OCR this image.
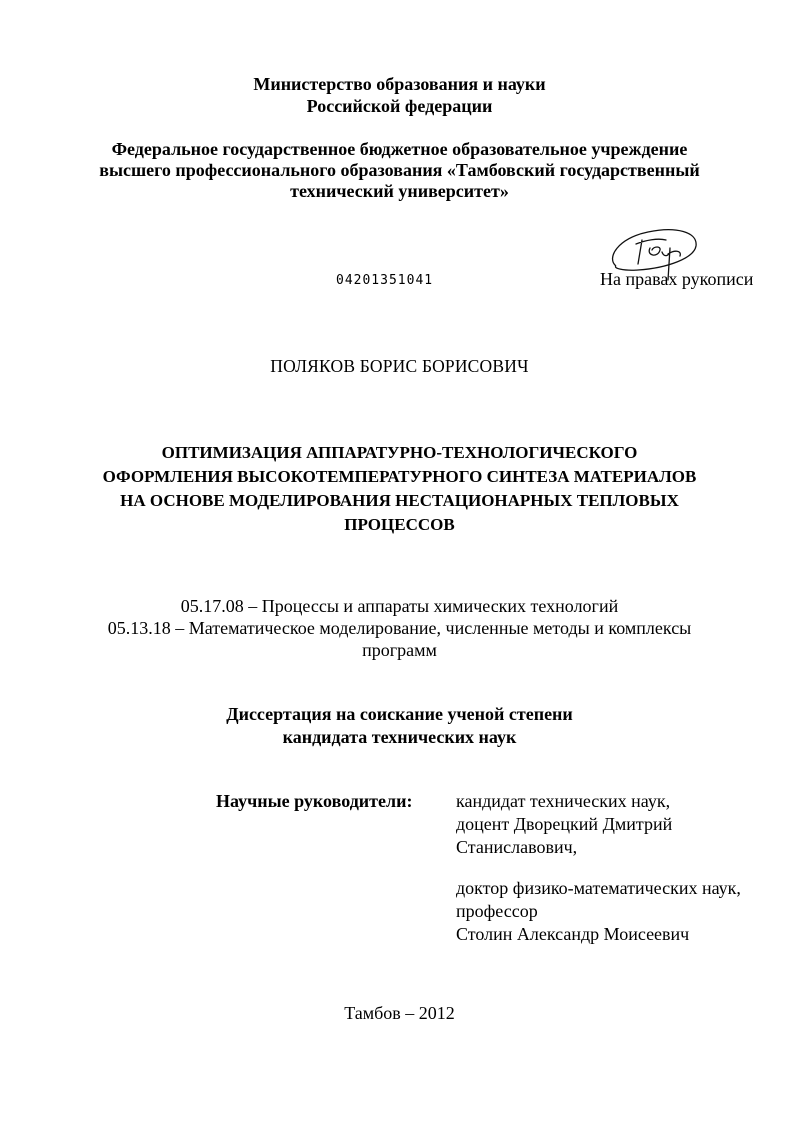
Министерство образования и науки
Российской федерации
Федеральное государственное бюджетное образовательное учреждение
высшего профессионального образования «Тамбовский государственный
технический университет»
04201351041	На правах рукописи
ПОЛЯКОВ БОРИС БОРИСОВИЧ
ОПТИМИЗАЦИЯ АППАРАТУРНО-ТЕХНОЛОГИЧЕСКОГО
ОФОРМЛЕНИЯ ВЫСОКОТЕМПЕРАТУРНОГО СИНТЕЗА МАТЕРИАЛОВ
НА ОСНОВЕ МОДЕЛИРОВАНИЯ НЕСТАЦИОНАРНЫХ ТЕПЛОВЫХ
ПРОЦЕССОВ
05.17.08 – Процессы и аппараты химических технологий
05.13.18 – Математическое моделирование, численные методы и комплексы
программ
Диссертация на соискание ученой степени
кандидата технических наук
Научные руководители: кандидат технических наук,
доцент Дворецкий Дмитрий
Станиславович,
доктор физико-математических наук,
профессор
Столин Александр Моисеевич
Тамбов – 2012
